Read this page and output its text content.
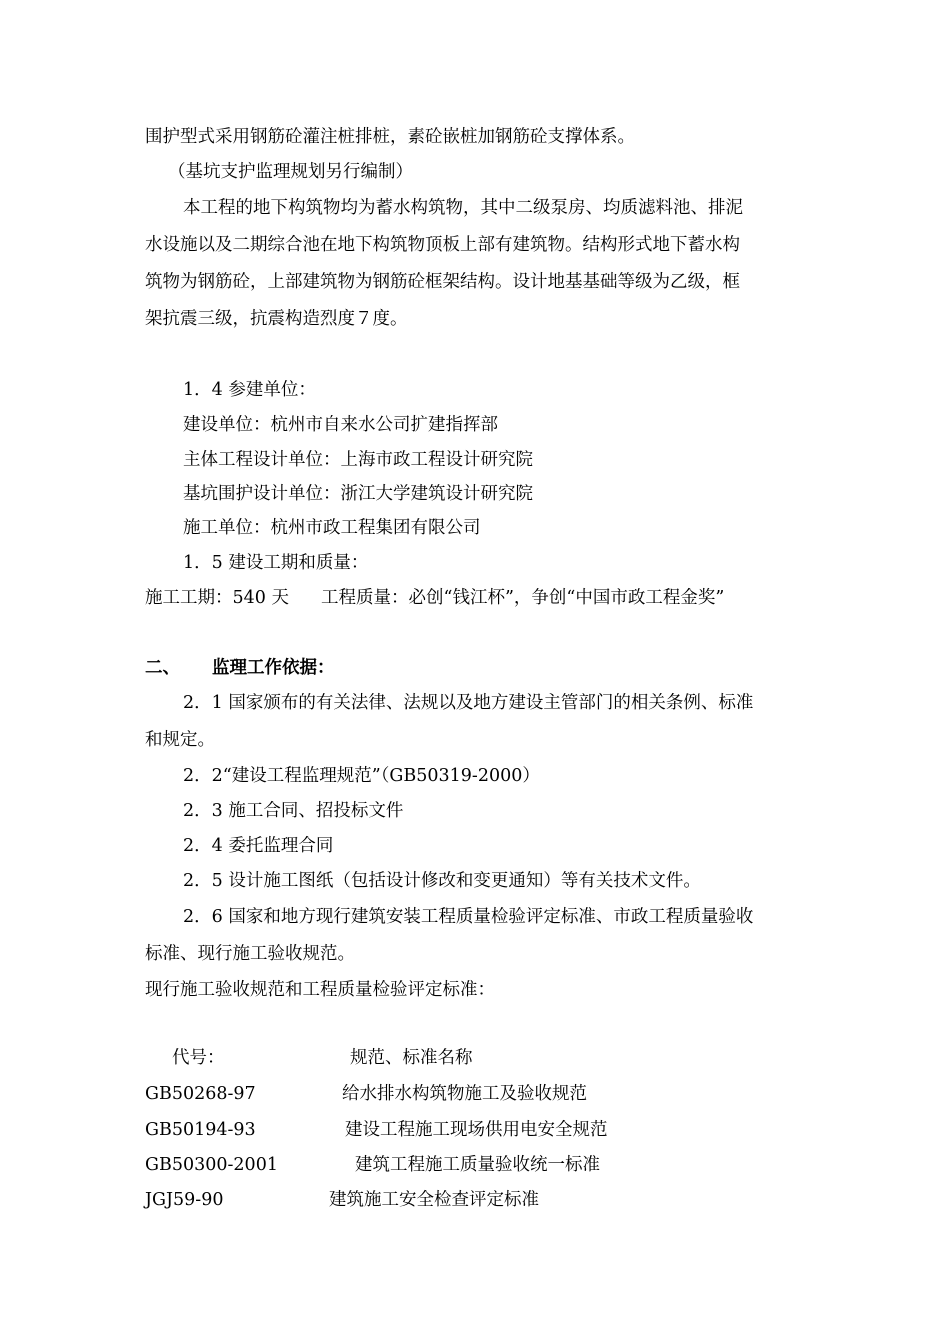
围护型式采用钢筋砼灌注桩排桩，素砼嵌桩加钢筋砼支撑体系。
（基坑支护监理规划另行编制）
本工程的地下构筑物均为蓄水构筑物，其中二级泵房、均质滤料池、排泥
水设施以及二期综合池在地下构筑物顶板上部有建筑物。结构形式地下蓄水构
筑物为钢筋砼，上部建筑物为钢筋砼框架结构。设计地基基础等级为乙级，框
架抗震三级，抗震构造烈度７度。
1．4 参建单位：
建设单位：杭州市自来水公司扩建指挥部
主体工程设计单位：上海市政工程设计研究院
基坑围护设计单位：浙江大学建筑设计研究院
施工单位：杭州市政工程集团有限公司
1．5 建设工期和质量：
施工工期：540 天 工程质量：必创“钱江杯”，争创“中国市政工程金奖”
二、 监理工作依据：
2．1 国家颁布的有关法律、法规以及地方建设主管部门的相关条例、标准
和规定。
2．2“建设工程监理规范”（GB50319-2000）
2．3 施工合同、招投标文件
2．4 委托监理合同
2．5 设计施工图纸（包括设计修改和变更通知）等有关技术文件。
2．6 国家和地方现行建筑安装工程质量检验评定标准、市政工程质量验收
标准、现行施工验收规范。
现行施工验收规范和工程质量检验评定标准：
代号：	规范、标准名称
GB50268-97	给水排水构筑物施工及验收规范
GB50194-93	建设工程施工现场供用电安全规范
GB50300-2001	建筑工程施工质量验收统一标准
JGJ59-90	建筑施工安全检查评定标准
